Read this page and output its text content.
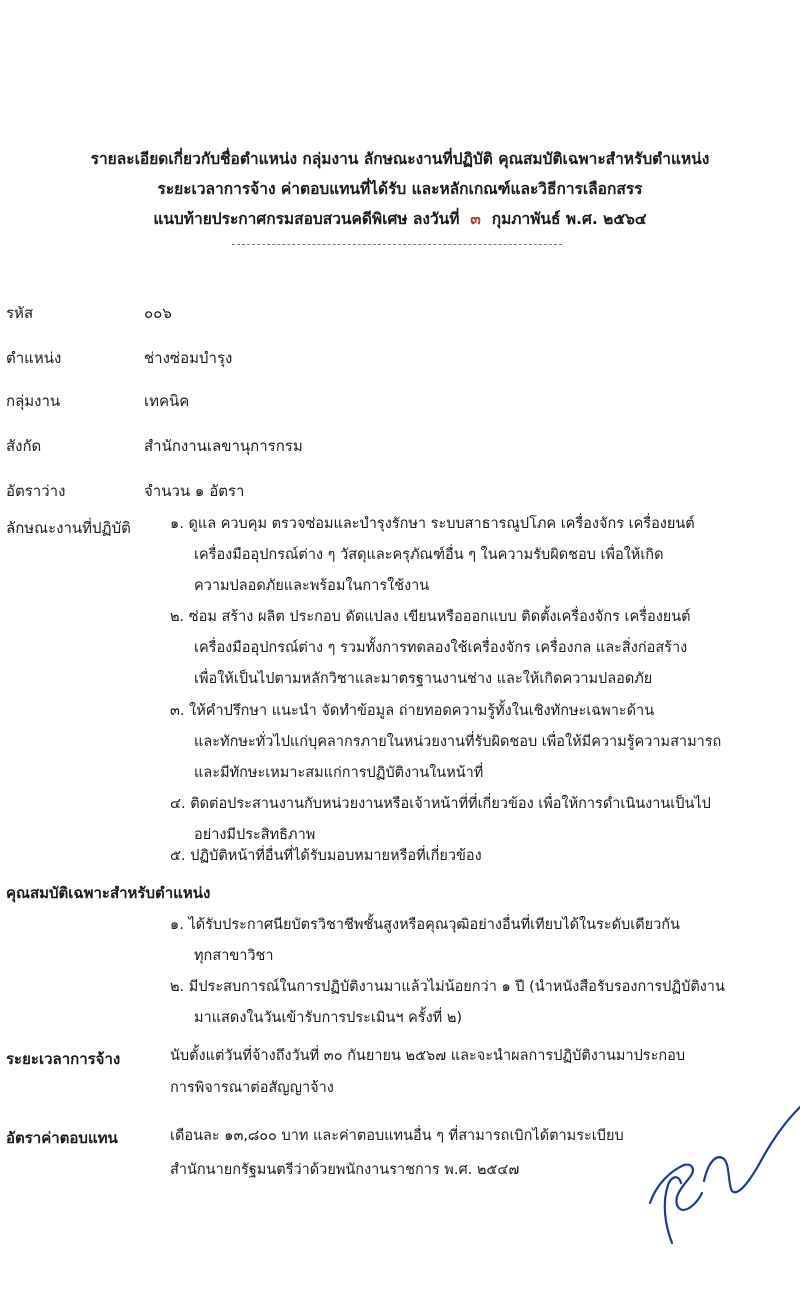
รายละเอียดเกี่ยวกับชื่อตำแหน่ง กลุ่มงาน ลักษณะงานที่ปฏิบัติ คุณสมบัติเฉพาะสำหรับตำแหน่ง
ระยะเวลาการจ้าง ค่าตอบแทนที่ได้รับ และหลักเกณฑ์และวิธีการเลือกสรร
แนบท้ายประกาศกรมสอบสวนคดีพิเศษ ลงวันที่ ๓ กุมภาพันธ์ พ.ศ. ๒๕๖๔
รหัส	๐๐๖
ตำแหน่ง	ช่างซ่อมบำรุง
กลุ่มงาน	เทคนิค
สังกัด	สำนักงานเลขานุการกรม
อัตราว่าง	จำนวน ๑ อัตรา
ลักษณะงานที่ปฏิบัติ	๑. ดูแล ควบคุม ตรวจซ่อมและบำรุงรักษา ระบบสาธารณูปโภค เครื่องจักร เครื่องยนต์
เครื่องมืออุปกรณ์ต่าง ๆ วัสดุและครุภัณฑ์อื่น ๆ ในความรับผิดชอบ เพื่อให้เกิด
ความปลอดภัยและพร้อมในการใช้งาน
๒. ซ่อม สร้าง ผลิต ประกอบ ดัดแปลง เขียนหรือออกแบบ ติดตั้งเครื่องจักร เครื่องยนต์
เครื่องมืออุปกรณ์ต่าง ๆ รวมทั้งการทดลองใช้เครื่องจักร เครื่องกล และสิ่งก่อสร้าง
เพื่อให้เป็นไปตามหลักวิชาและมาตรฐานงานช่าง และให้เกิดความปลอดภัย
๓. ให้คำปรึกษา แนะนำ จัดทำข้อมูล ถ่ายทอดความรู้ทั้งในเชิงทักษะเฉพาะด้าน
และทักษะทั่วไปแก่บุคลากรภายในหน่วยงานที่รับผิดชอบ เพื่อให้มีความรู้ความสามารถ
และมีทักษะเหมาะสมแก่การปฏิบัติงานในหน้าที่
๔. ติดต่อประสานงานกับหน่วยงานหรือเจ้าหน้าที่ที่เกี่ยวข้อง เพื่อให้การดำเนินงานเป็นไป
อย่างมีประสิทธิภาพ
๕. ปฏิบัติหน้าที่อื่นที่ได้รับมอบหมายหรือที่เกี่ยวข้อง
คุณสมบัติเฉพาะสำหรับตำแหน่ง
๑. ได้รับประกาศนียบัตรวิชาชีพชั้นสูงหรือคุณวุฒิอย่างอื่นที่เทียบได้ในระดับเดียวกัน
ทุกสาขาวิชา
๒. มีประสบการณ์ในการปฏิบัติงานมาแล้วไม่น้อยกว่า ๑ ปี (นำหนังสือรับรองการปฏิบัติงาน
มาแสดงในวันเข้ารับการประเมินฯ ครั้งที่ ๒)
ระยะเวลาการจ้าง	นับตั้งแต่วันที่จ้างถึงวันที่ ๓๐ กันยายน ๒๕๖๗ และจะนำผลการปฏิบัติงานมาประกอบ
การพิจารณาต่อสัญญาจ้าง
อัตราค่าตอบแทน	เดือนละ ๑๓,๘๐๐ บาท และค่าตอบแทนอื่น ๆ ที่สามารถเบิกได้ตามระเบียบ
สำนักนายกรัฐมนตรีว่าด้วยพนักงานราชการ พ.ศ. ๒๕๔๗
